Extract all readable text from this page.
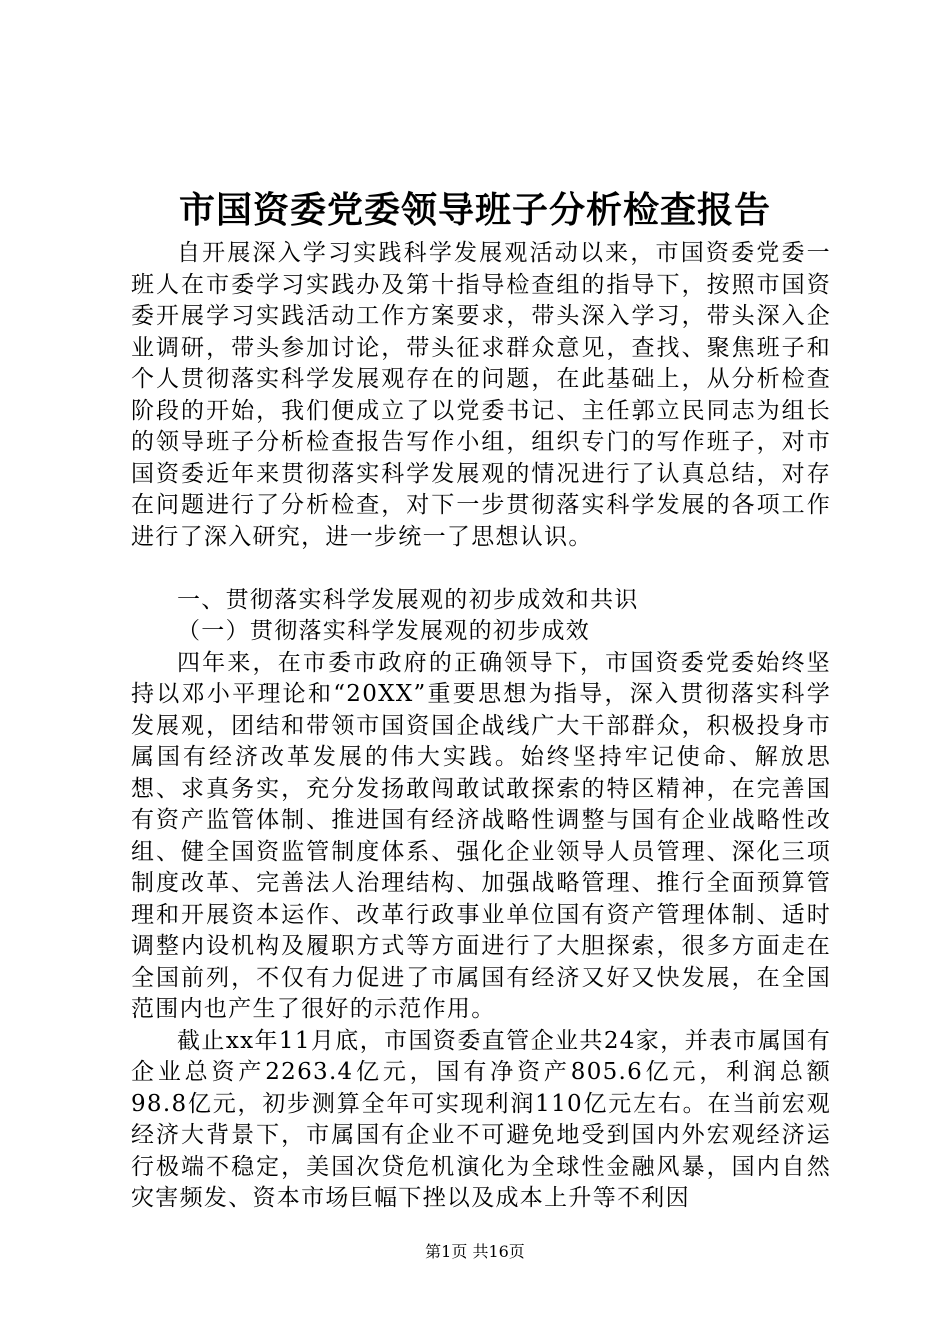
市国资委党委领导班子分析检查报告

自开展深入学习实践科学发展观活动以来，市国资委党委一班人在市委学习实践办及第十指导检查组的指导下，按照市国资委开展学习实践活动工作方案要求，带头深入学习，带头深入企业调研，带头参加讨论，带头征求群众意见，查找、聚焦班子和个人贯彻落实科学发展观存在的问题，在此基础上，从分析检查阶段的开始，我们便成立了以党委书记、主任郭立民同志为组长的领导班子分析检查报告写作小组，组织专门的写作班子，对市国资委近年来贯彻落实科学发展观的情况进行了认真总结，对存在问题进行了分析检查，对下一步贯彻落实科学发展的各项工作进行了深入研究，进一步统一了思想认识。

一、贯彻落实科学发展观的初步成效和共识

（一）贯彻落实科学发展观的初步成效

四年来，在市委市政府的正确领导下，市国资委党委始终坚持以邓小平理论和“20XX”重要思想为指导，深入贯彻落实科学发展观，团结和带领市国资国企战线广大干部群众，积极投身市属国有经济改革发展的伟大实践。始终坚持牢记使命、解放思想、求真务实，充分发扬敢闯敢试敢探索的特区精神，在完善国有资产监管体制、推进国有经济战略性调整与国有企业战略性改组、健全国资监管制度体系、强化企业领导人员管理、深化三项制度改革、完善法人治理结构、加强战略管理、推行全面预算管理和开展资本运作、改革行政事业单位国有资产管理体制、适时调整内设机构及履职方式等方面进行了大胆探索，很多方面走在全国前列，不仅有力促进了市属国有经济又好又快发展，在全国范围内也产生了很好的示范作用。

截止xx年11月底，市国资委直管企业共24家，并表市属国有企业总资产2263.4亿元，国有净资产805.6亿元，利润总额98.8亿元，初步测算全年可实现利润110亿元左右。在当前宏观经济大背景下，市属国有企业不可避免地受到国内外宏观经济运行极端不稳定，美国次贷危机演化为全球性金融风暴，国内自然灾害频发、资本市场巨幅下挫以及成本上升等不利因

第1页 共16页
